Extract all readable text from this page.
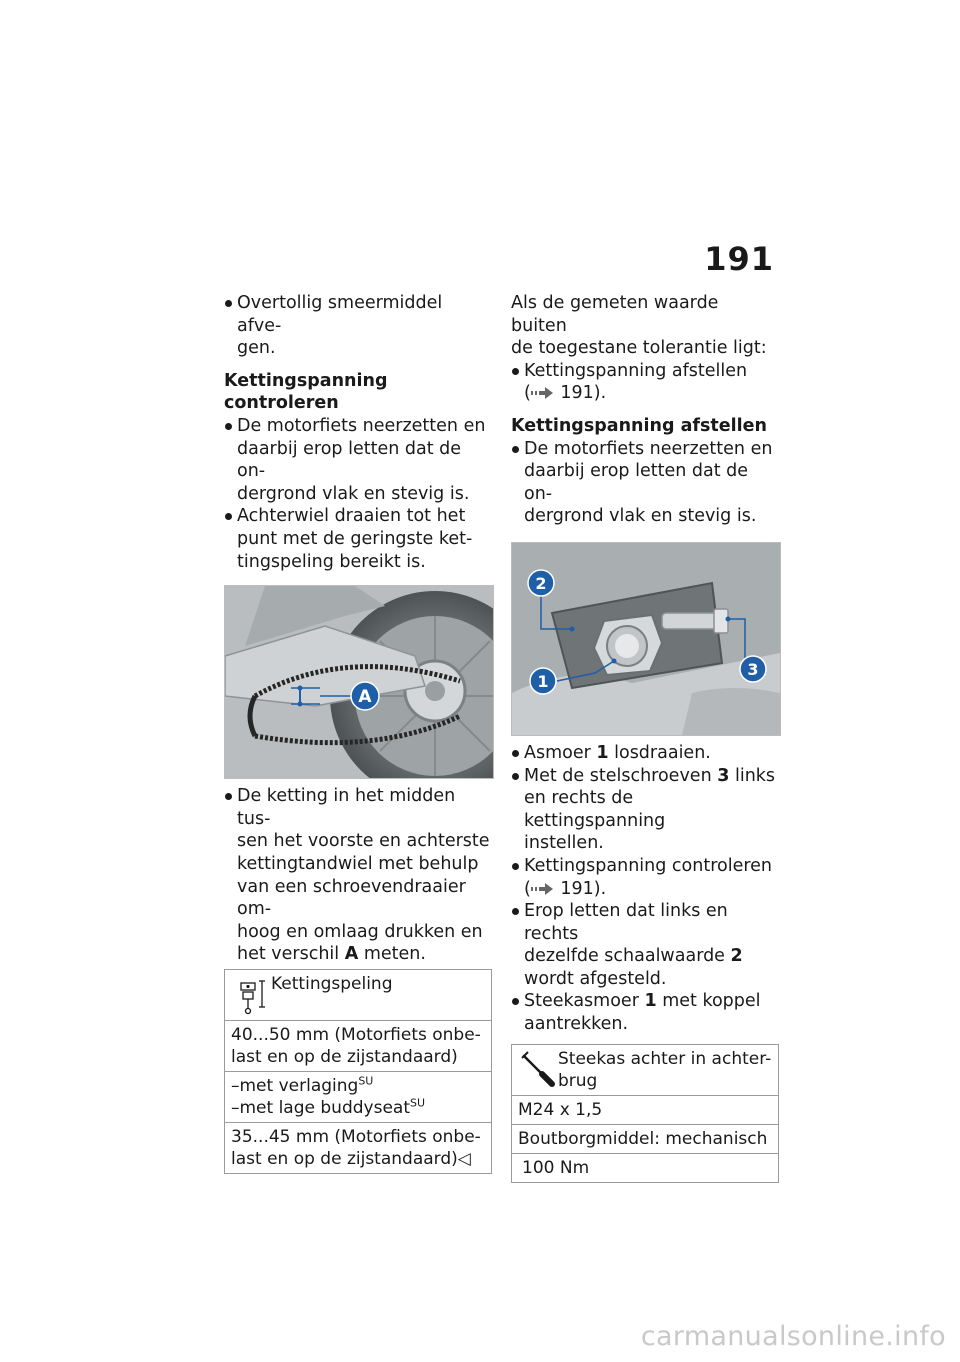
191

Overtollig smeermiddel afve-
gen.

Kettingspanning controleren

De motorfiets neerzetten en
daarbij erop letten dat de on-
dergrond vlak en stevig is.

Achterwiel draaien tot het
punt met de geringste ket-
tingspeling bereikt is.

A

De ketting in het midden tus-
sen het voorste en achterste
kettingtandwiel met behulp
van een schroevendraaier om-
hoog en omlaag drukken en
het verschil A meten.

Kettingspeling

40...50 mm (Motorfiets onbe-
last en op de zijstandaard)
–met verlaging$^{SU}$
–met lage buddyseat$^{SU}$
35...45 mm (Motorfiets onbe-
last en op de zijstandaard)◁

Als de gemeten waarde buiten
de toegestane tolerantie ligt:

Kettingspanning afstellen
( 191).

Kettingspanning afstellen

De motorfiets neerzetten en
daarbij erop letten dat de on-
dergrond vlak en stevig is.

2
1
3

Asmoer 1 losdraaien.

Met de stelschroeven 3 links
en rechts de kettingspanning
instellen.

Kettingspanning controleren
( 191).

Erop letten dat links en rechts
dezelfde schaalwaarde 2
wordt afgesteld.

Steekasmoer 1 met koppel
aantrekken.

Steekas achter in achter-
brug

M24 x 1,5
Boutborgmiddel: mechanisch
100 Nm
carmanualsonline.info
